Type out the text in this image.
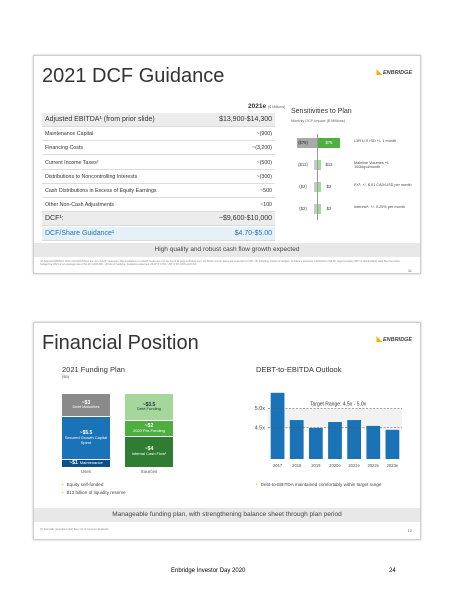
2021 DCF Guidance	◣ENBRIDGE
2021e ($ Millions)
Adjusted EBITDA¹ (from prior slide)	$13,900-$14,300
Maintenance Capital	~(900)
Financing Costs	~(3,200)
Current Income Taxes²	~(500)
Distributions to Noncontrolling Interests	~(300)
Cash Distributions in Excess of Equity Earnings	~500
Other Non-Cash Adjustments	~100
DCF¹:	~$9,600-$10,000
DCF/Share Guidance¹	$4.70-$5.00
Sensitivities to Plan
Monthly DCF Impact ($ Millions)
($75)	$75	L3R U.S ISD +/- 1 month
($12)	$12	Mainline Volumes +/- 100kbpd/month
($2)	$2	FX³: +/- $.01 CAD/USD per month
($2)	$2	Interest⁴: +/- 0.25% per month
High quality and robust cash flow growth expected
(1) Adjusted EBITDA, DCF and DCF/share are non-GAAP measures. Reconciliations to GAAP measures can be found at www.enbridge.com. (2) Book income taxes are expected at 19%. (3) Including impact of hedges. Guidance assumes CAD/USD of $1.30. Approximately 89% of distributable cash flow has been hedged for 2021 at an average rate of $1.26 CAD/USD. (4) Net of hedging. Guidance assumes US10YT 0.5%, UST 0.5% CDN and FCF.
11
Financial Position	◣ENBRIDGE
2021 Funding Plan
($B)
~$3
Debt Maturities
~$5.5
Secured Growth Capital Spent
~$1 Maintenance
~$3.5
Debt Funding
~$2
2020 Pre-Funding
~$4
Internal Cash Flow¹
Uses	Sources
• Equity self-funded
• $13 billion of liquidity reserve
DEBT-to-EBITDA Outlook
2017 2018 2019 2020e 2021e 2022e 2023e
5.0x
4.5x
Target Range: 4.5x - 5.0x
• Debt-to-EBITDA maintained comfortably within target range
Manageable funding plan, with strengthening balance sheet through plan period
(1) Internally generated cash flow, net of common dividends.	12
Enbridge Investor Day 2020	24
